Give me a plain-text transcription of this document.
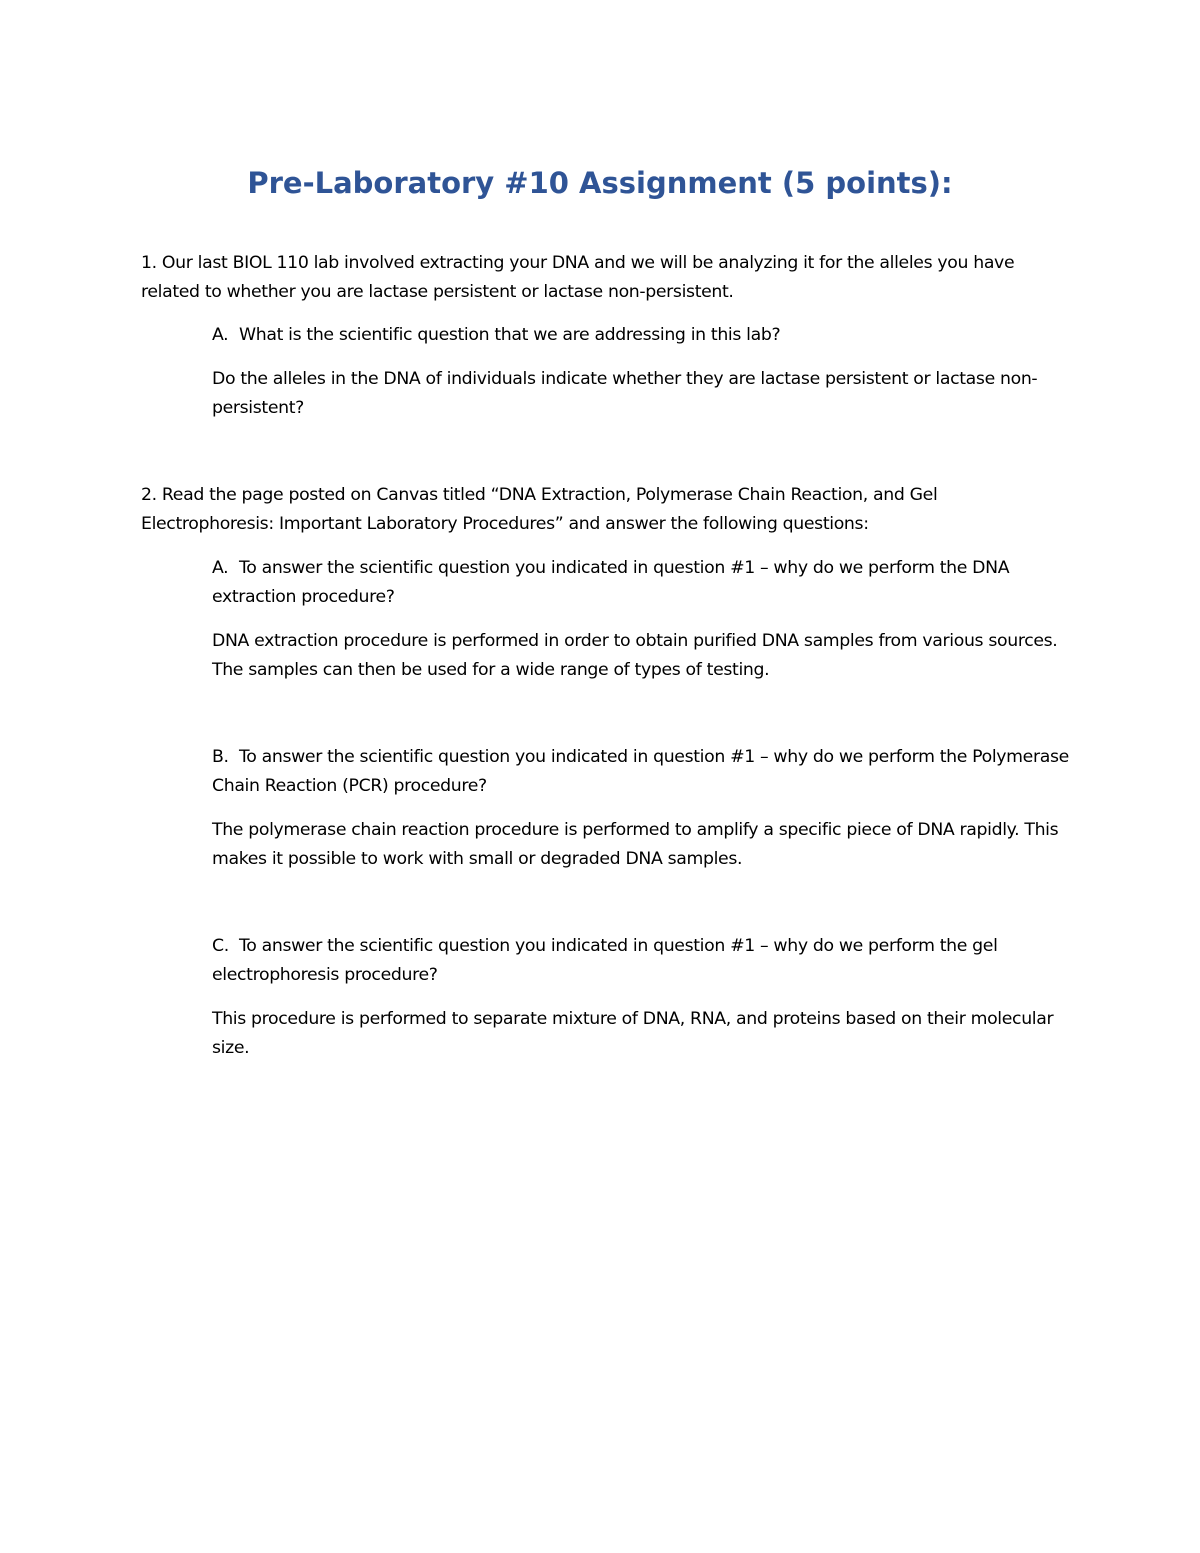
Pre-Laboratory #10 Assignment (5 points):

1. Our last BIOL 110 lab involved extracting your DNA and we will be analyzing it for the alleles you have related to whether you are lactase persistent or lactase non-persistent.

A. What is the scientific question that we are addressing in this lab?

Do the alleles in the DNA of individuals indicate whether they are lactase persistent or lactase non-persistent?

2. Read the page posted on Canvas titled “DNA Extraction, Polymerase Chain Reaction, and Gel Electrophoresis: Important Laboratory Procedures” and answer the following questions:

A. To answer the scientific question you indicated in question #1 – why do we perform the DNA extraction procedure?

DNA extraction procedure is performed in order to obtain purified DNA samples from various sources. The samples can then be used for a wide range of types of testing.

B. To answer the scientific question you indicated in question #1 – why do we perform the Polymerase Chain Reaction (PCR) procedure?

The polymerase chain reaction procedure is performed to amplify a specific piece of DNA rapidly. This makes it possible to work with small or degraded DNA samples.

C. To answer the scientific question you indicated in question #1 – why do we perform the gel electrophoresis procedure?

This procedure is performed to separate mixture of DNA, RNA, and proteins based on their molecular size.
